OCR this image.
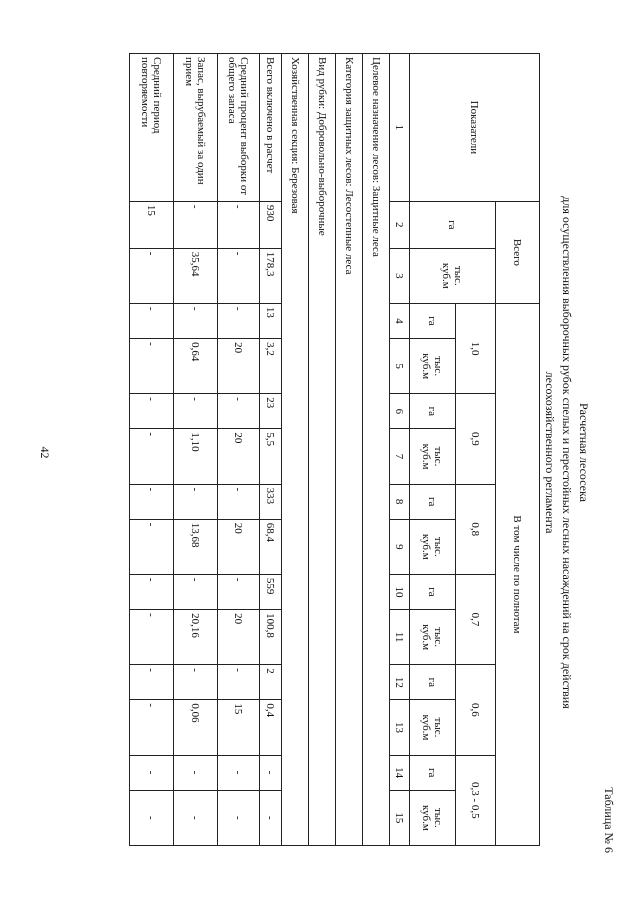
Таблица № 6
Расчетная лесосека
для осуществления выборочных рубок спелых и перестойных лесных насаждений на срок действия
лесохозяйственного регламента
Показатели	Всего		В том числе по полнотам											
	га	тыс. куб.м	1,0		0,9		0,8		0,7		0,6		0,3 - 0,5	
			га	тыс. куб.м	га	тыс. куб.м	га	тыс. куб.м	га	тыс. куб.м	га	тыс. куб.м	га	тыс. куб.м
1	2	3	4	5	6	7	8	9	10	11	12	13	14	15
Целевое назначение лесов: Защитные леса														
Категория защитных лесов: Лесостепные леса														
Вид рубки: Добровольно-выборочные														
Хозяйственная секция: Березовая														
Всего включено в расчет	930	178,3	13	3,2	23	5,5	333	68,4	559	100,8	2	0,4	-	-
Средний процент выборки от общего запаса	-	-	-	20	-	20	-	20	-	20	-	15	-	-
Запас, вырубаемый за один прием	-	35,64	-	0,64	-	1,10	-	13,68	-	20,16	-	0,06	-	-
Средний период повторяемости	15	-	-	-	-	-	-	-	-	-	-	-	-	-
42
